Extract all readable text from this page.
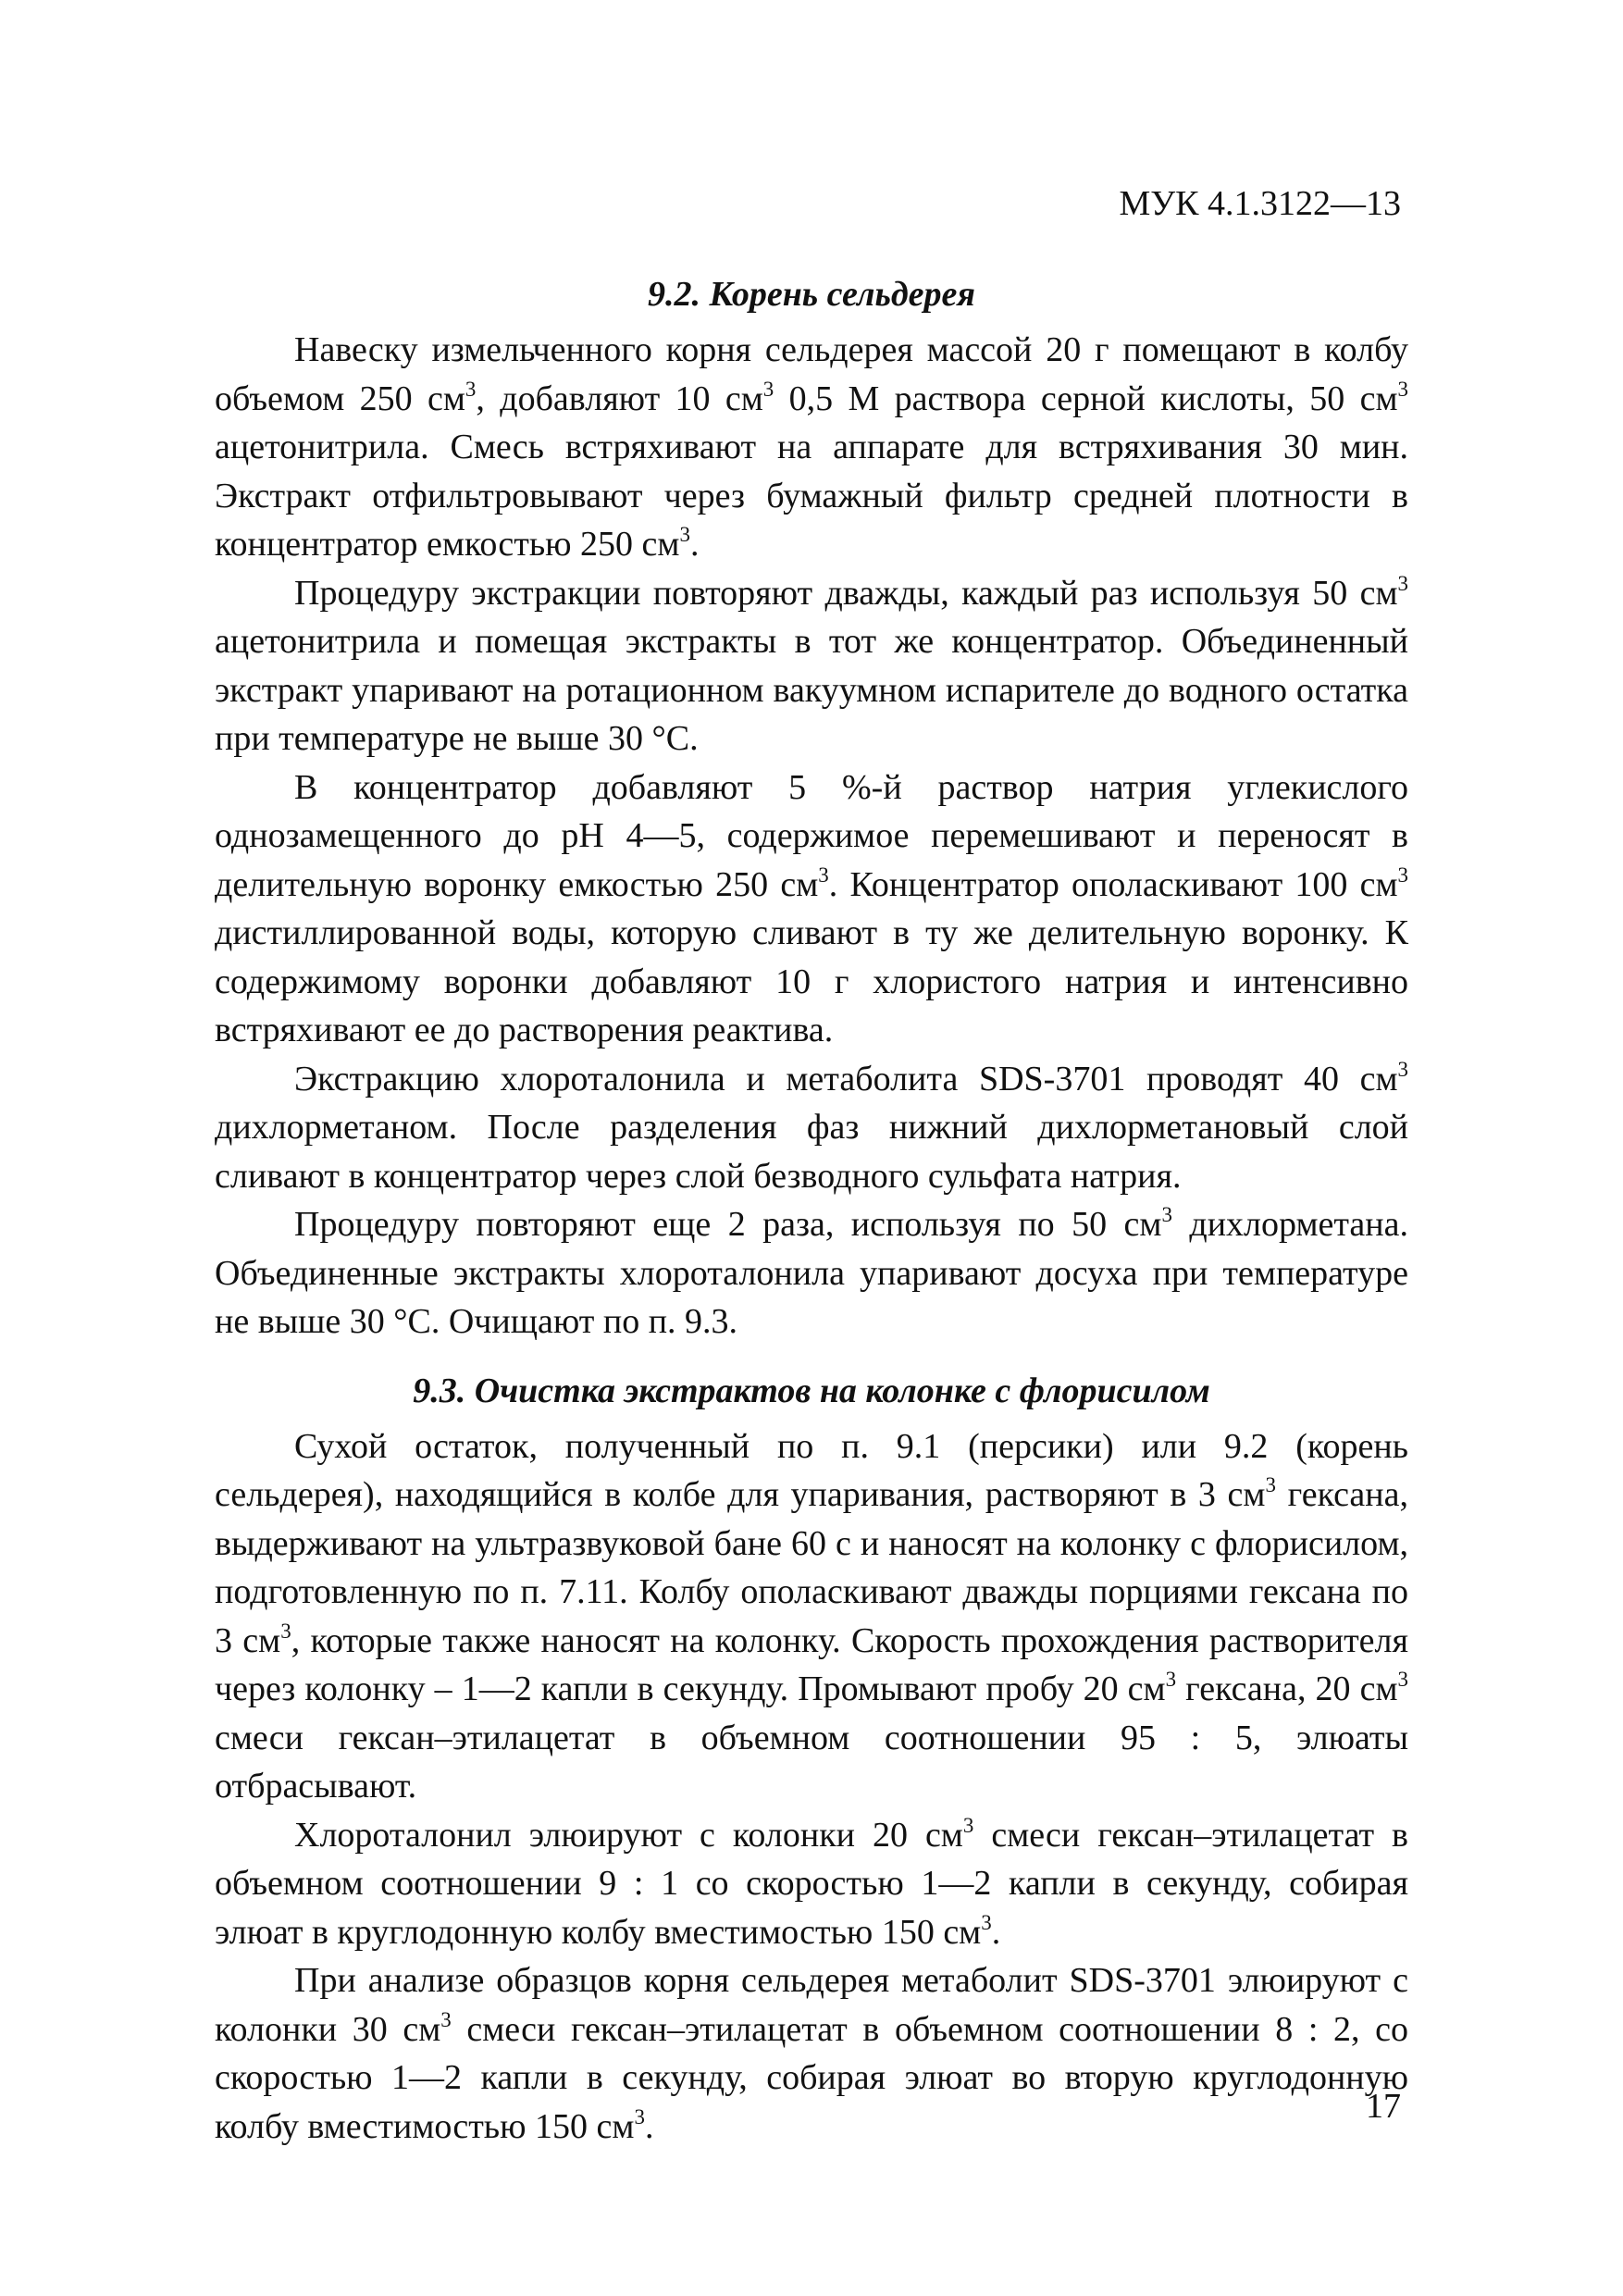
МУК 4.1.3122—13
9.2. Корень сельдерея

Навеску измельченного корня сельдерея массой 20 г помещают в колбу объемом 250 $см^3$, добавляют 10 $см^3$ 0,5 М раствора серной кислоты, 50 $см^3$ ацетонитрила. Смесь встряхивают на аппарате для встряхивания 30 мин. Экстракт отфильтровывают через бумажный фильтр средней плотности в концентратор емкостью 250 $см^3$.

Процедуру экстракции повторяют дважды, каждый раз используя 50 $см^3$ ацетонитрила и помещая экстракты в тот же концентратор. Объединенный экстракт упаривают на ротационном вакуумном испарителе до водного остатка при температуре не выше 30 °С.

В концентратор добавляют 5 %-й раствор натрия углекислого однозамещенного до pH 4—5, содержимое перемешивают и переносят в делительную воронку емкостью 250 $см^3$. Концентратор ополаскивают 100 $см^3$ дистиллированной воды, которую сливают в ту же делительную воронку. К содержимому воронки добавляют 10 г хлористого натрия и интенсивно встряхивают ее до растворения реактива.

Экстракцию хлороталонила и метаболита SDS-3701 проводят 40 $см^3$ дихлорметаном. После разделения фаз нижний дихлорметановый слой сливают в концентратор через слой безводного сульфата натрия.

Процедуру повторяют еще 2 раза, используя по 50 $см^3$ дихлорметана. Объединенные экстракты хлороталонила упаривают досуха при температуре не выше 30 °С. Очищают по п. 9.3.

9.3. Очистка экстрактов на колонке с флорисилом

Сухой остаток, полученный по п. 9.1 (персики) или 9.2 (корень сельдерея), находящийся в колбе для упаривания, растворяют в 3 $см^3$ гексана, выдерживают на ультразвуковой бане 60 с и наносят на колонку с флорисилом, подготовленную по п. 7.11. Колбу ополаскивают дважды порциями гексана по 3 $см^3$, которые также наносят на колонку. Скорость прохождения растворителя через колонку – 1—2 капли в секунду. Промывают пробу 20 $см^3$ гексана, 20 $см^3$ смеси гексан–этилацетат в объемном соотношении 95 : 5, элюаты отбрасывают.

Хлороталонил элюируют с колонки 20 $см^3$ смеси гексан–этилацетат в объемном соотношении 9 : 1 со скоростью 1—2 капли в секунду, собирая элюат в круглодонную колбу вместимостью 150 $см^3$.

При анализе образцов корня сельдерея метаболит SDS-3701 элюируют с колонки 30 $см^3$ смеси гексан–этилацетат в объемном соотношении 8 : 2, со скоростью 1—2 капли в секунду, собирая элюат во вторую круглодонную колбу вместимостью 150 $см^3$.

17
